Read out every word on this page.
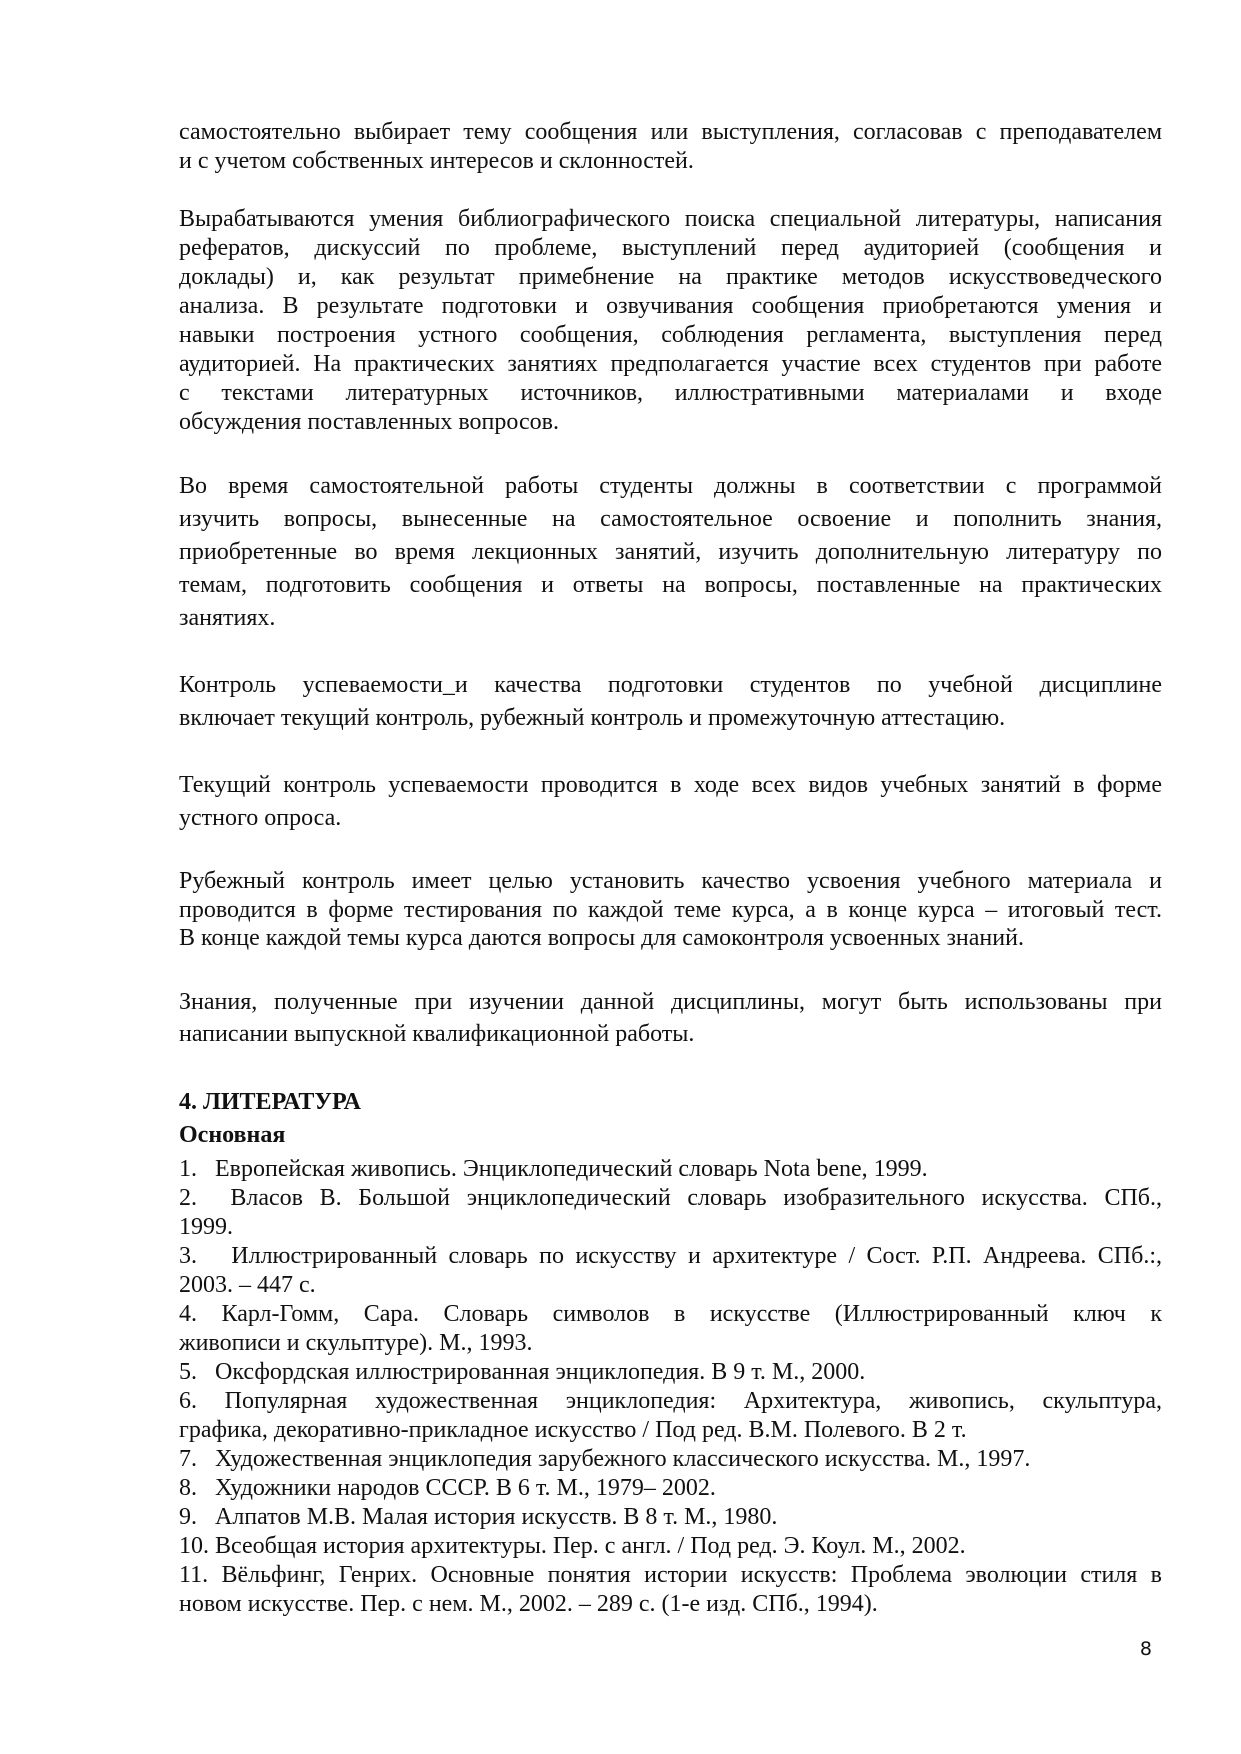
самостоятельно выбирает тему сообщения или выступления, согласовав с преподавателем
и с учетом собственных интересов и склонностей.
Вырабатываются умения библиографического поиска специальной литературы, написания
рефератов, дискуссий по проблеме, выступлений перед аудиторией (сообщения и
доклады) и, как результат примебнение на практике методов искусствоведческого
анализа. В результате подготовки и озвучивания сообщения приобретаются умения и
навыки построения устного сообщения, соблюдения регламента, выступления перед
аудиторией. На практических занятиях предполагается участие всех студентов при работе
с текстами литературных источников, иллюстративными материалами и входе
обсуждения поставленных вопросов.
Во время самостоятельной работы студенты должны в соответствии с программой
изучить вопросы, вынесенные на самостоятельное освоение и пополнить знания,
приобретенные во время лекционных занятий, изучить дополнительную литературу по
темам, подготовить сообщения и ответы на вопросы, поставленные на практических
занятиях.
Контроль успеваемости_и качества подготовки студентов по учебной дисциплине
включает текущий контроль, рубежный контроль и промежуточную аттестацию.
Текущий контроль успеваемости проводится в ходе всех видов учебных занятий в форме
устного опроса.
Рубежный контроль имеет целью установить качество усвоения учебного материала и
проводится в форме тестирования по каждой теме курса, а в конце курса – итоговый тест.
В конце каждой темы курса даются вопросы для самоконтроля усвоенных знаний.
Знания, полученные при изучении данной дисциплины, могут быть использованы при
написании выпускной квалификационной работы.
4. ЛИТЕРАТУРА
Основная
1.   Европейская живопись. Энциклопедический словарь Nota bene, 1999.
2.  Власов В. Большой энциклопедический словарь изобразительного искусства. СПб.,
1999.
3.   Иллюстрированный словарь по искусству и архитектуре / Сост. Р.П. Андреева. СПб.:,
2003. – 447 с.
4. Карл-Гомм, Сара. Словарь символов в искусстве (Иллюстрированный ключ к
живописи и скульптуре). М., 1993.
5.   Оксфордская иллюстрированная энциклопедия. В 9 т. М., 2000.
6. Популярная художественная энциклопедия: Архитектура, живопись, скульптура,
графика, декоративно-прикладное искусство / Под ред. В.М. Полевого. В 2 т.
7.   Художественная энциклопедия зарубежного классического искусства. М., 1997.
8.   Художники народов СССР. В 6 т. М., 1979– 2002.
9.   Алпатов М.В. Малая история искусств. В 8 т. М., 1980.
10. Всеобщая история архитектуры. Пер. с англ. / Под ред. Э. Коул. М., 2002.
11. Вёльфинг, Генрих. Основные понятия истории искусств: Проблема эволюции стиля в
новом искусстве. Пер. с нем. М., 2002. – 289 с. (1-е изд. СПб., 1994).
8
